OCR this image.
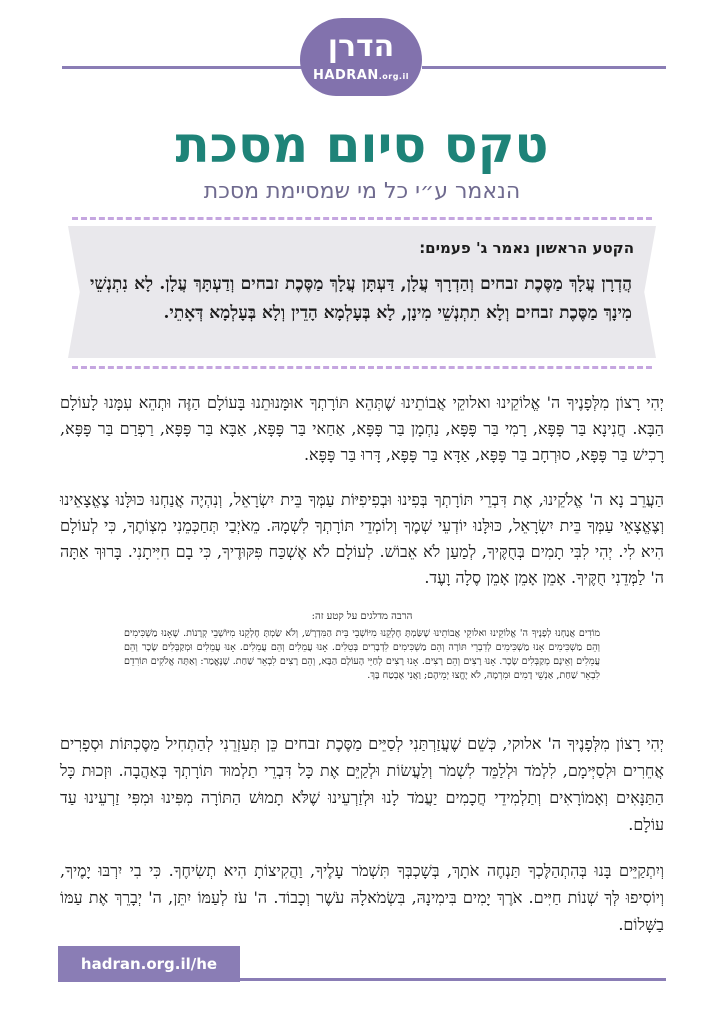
הדרן
HADRAN.org.il
טקס סיום מסכת
הנאמר ע״י כל מי שמסיימת מסכת
הקטע הראשון נאמר ג' פעמים:
הֲדְרָן עֲלָךְ מַסֶּכֶת זבחים וְהַדְרָךְ עֲלָן, דַּעְתָּן עֲלָךְ מַסֶּכֶת זבחים וְדַעְתָּךְ עֲלָן. לָא נִתְנְשֵׁי מִינָךְ מַסֶּכֶת זבחים וְלָא תִתְנְשֵׁי מִינָן, לָא בְּעָלְמָא הָדֵין וְלָא בְּעָלְמָא דְּאָתֵי.
יְהִי רָצוֹן מִלְּפָנֶיךָ ה' אֱלוֹקֵינוּ ואלוקֵי אֲבוֹתֵינוּ שֶׁתְּהֵא תּוֹרָתְךָ אוּמָּנוּתֵנוּ בָּעוֹלָם הַזֶּה וּתְהֵא עִמָּנוּ לָעוֹלָם הַבָּא. חֲנִינָא בַּר פָּפָּא, רָמִי בַּר פָּפָּא, נַחְמָן בַּר פָּפָּא, אַחַאי בַּר פָּפָּא, אַבָּא בַּר פָּפָּא, רַפְרַם בַּר פָּפָּא, רָכִישׁ בַּר פָּפָּא, סוּרְחָב בַּר פָּפָּא, אַדָּא בַּר פָּפָּא, דָּרוּ בַּר פָּפָּא.
הַעֲרֵב נָא ה' אֱלֹקֵינוּ, אֶת דִּבְרֵי תּוֹרָתְךָ בְּפִינוּ וּבְפִיפִיּוֹת עַמְּךָ בֵּית יִשְׂרָאֵל, וְנִהְיֶה אֲנַחְנוּ כּוּלָּנוּ צֶאֱצָאֵינוּ וְצֶאֱצָאֵי עַמְּךָ בֵּית יִשְׂרָאֵל, כּוּלָּנוּ יוֹדְעֵי שְׁמֶךָ וְלוֹמְדֵי תּוֹרָתְךָ לִשְׁמָהּ. מֵאֹיְבַי תְּחַכְּמֵנִי מִצְוֹתֶךָ, כִּי לְעוֹלָם הִיא לִי. יְהִי לִבִּי תָמִים בְּחֻקֶּיךָ, לְמַעַן לֹא אֵבוֹשׁ. לְעוֹלָם לֹא אֶשְׁכַּח פִּקּוּדֶיךָ, כִּי בָם חִיִּיתָנִי. בָּרוּךְ אַתָּה ה' לַמְּדֵנִי חֻקֶּיךָ. אָמֵן אָמֵן אָמֵן סֶלָה וָעֶד.
הרבה מדלגים על קטע זה:
מוֹדִים אֲנַחְנוּ לְפָנֶיךָ ה' אֱלוֹקֵינוּ ואלוקֵי אֲבוֹתֵינוּ שֶׁשַּׂמְתָּ חֶלְקֵנוּ מִיּוֹשְׁבֵי בֵּית הַמִּדְרָשׁ, וְלֹא שַׂמְתָּ חֶלְקֵנוּ מִיּוֹשְׁבֵי קְרָנוֹת. שֶׁאָנוּ מַשְׁכִּימִים וְהֵם מַשְׁכִּימִים אָנוּ מַשְׁכִּימִים לְדִבְרֵי תּוֹרָה וְהֵם מַשְׁכִּימִים לִדְבָרִים בְּטֵלִים. אָנוּ עֲמֵלִים וְהֵם עֲמֵלִים. אָנוּ עֲמֵלִים וּמְקַבְּלִים שָׂכָר וְהֵם עֲמֵלִים וְאֵינָם מְקַבְּלִים שָׂכָר. אָנוּ רָצִים וְהֵם רָצִים. אָנוּ רָצִים לְחַיֵּי הָעוֹלָם הַבָּא, וְהֵם רָצִים לִבְאֵר שַׁחַת. שֶׁנֶּאֱמַר: וְאַתָּה אֱלֹקִים תּוֹרִדֵם לִבְאֵר שַׁחַת, אַנְשֵׁי דָמִים וּמִרְמָה, לֹא יֶחֱצוּ יְמֵיהֶם; וַאֲנִי אֶבְטַח בָּךְ.
יְהִי רָצוֹן מִלְּפָנֶיךָ ה' אלוקי, כְּשֵׁם שֶׁעֲזַרְתַּנִי לְסַיֵּים מַסֶּכֶת זבחים כֵּן תְּעַזְרֵנִי לְהַתְחִיל מַסֶּכְתּוֹת וּסְפָרִים אֲחֵרִים וּלְסַיְּימָם, לִלְמֹד וּלְלַמֵּד לִשְׁמֹר וְלַעֲשׂוֹת וּלְקַיֵּם אֶת כָּל דִּבְרֵי תַלְמוּד תּוֹרָתְךָ בְּאַהֲבָה. וּזְכוּת כָּל הַתַּנָּאִים וְאָמוֹרָאִים וְתַלְמִידֵי חֲכָמִים יַעֲמֹד לָנוּ וּלְזַרְעֵינוּ שֶׁלֹּא תָמוּשׁ הַתּוֹרָה מִפִּינוּ וּמִפִּי זַרְעֵינוּ עַד עוֹלָם.
וְיִתְקַיֵּים בָּנוּ בְּהִתְהַלֶּכְךָ תַּנְחֶה אֹתָךְ, בְּשָׁכְבְּךָ תִּשְׁמֹר עָלֶיךָ, וַהֲקִיצוֹתָ הִיא תְשִׂיחֶךָ. כִּי בִי יִרְבּוּ יָמֶיךָ, וְיוֹסִיפוּ לְּךָ שְׁנוֹת חַיִּים. אֹרֶךְ יָמִים בִּימִינָהּ, בִּשְׂמֹאלָהּ עֹשֶׁר וְכָבוֹד. ה' עֹז לְעַמּוֹ יִתֵּן, ה' יְבָרֵךְ אֶת עַמּוֹ בַשָּׁלוֹם.
hadran.org.il/he
